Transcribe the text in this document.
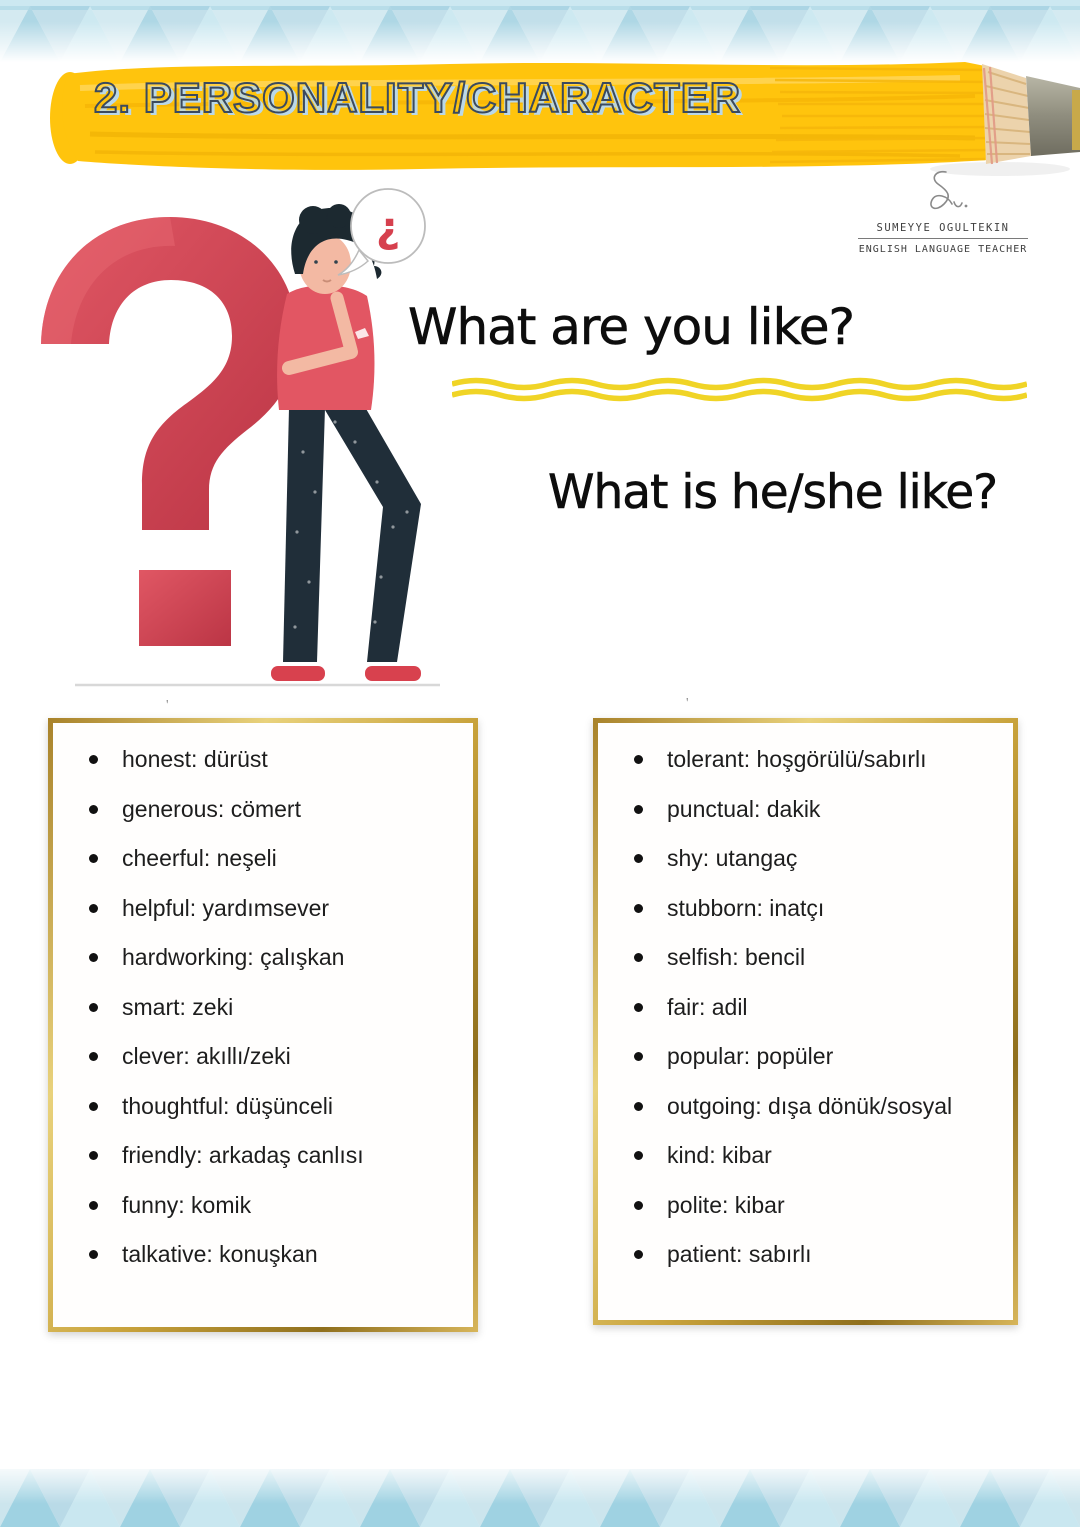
2. PERSONALITY/CHARACTER
SUMEYYE OGULTEKIN
ENGLISH LANGUAGE TEACHER
¿
What are you like?
What is he/she like?
'	'
honest: dürüst
generous: cömert
cheerful: neşeli
helpful: yardımsever
hardworking: çalışkan
smart: zeki
clever: akıllı/zeki
thoughtful: düşünceli
friendly: arkadaş canlısı
funny: komik
talkative: konuşkan
tolerant: hoşgörülü/sabırlı
punctual: dakik
shy: utangaç
stubborn: inatçı
selfish: bencil
fair: adil
popular: popüler
outgoing: dışa dönük/sosyal
kind: kibar
polite: kibar
patient: sabırlı
